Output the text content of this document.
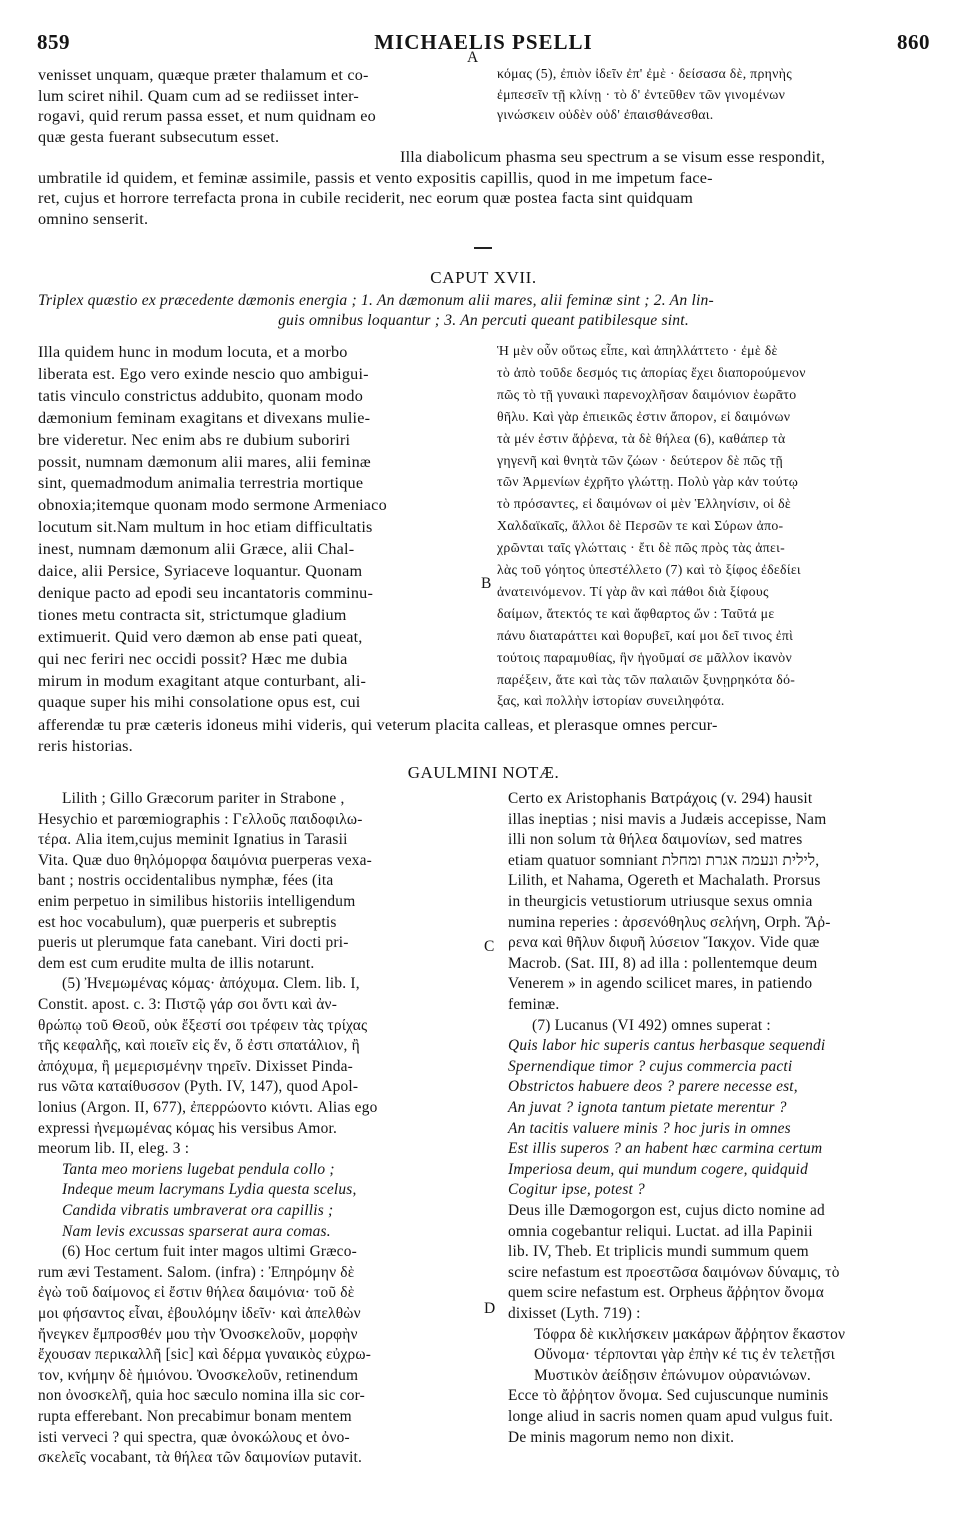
859	MICHAELIS PSELLI	860
A
B
C
D
venisset unquam, quæque præter thalamum et co-
lum sciret nihil. Quam cum ad se rediisset inter-
rogavi, quid rerum passa esset, et num quidnam eo
quæ gesta fuerant subsecutum esset.
κόμας (5), ἐπιὸν ἰδεῖν ἐπ' ἐμὲ · δείσασα δὲ, πρηνὴς
ἐμπεσεῖν τῇ κλίνῃ · τὸ δ' ἐντεῦθεν τῶν γινομένων
γινώσκειν οὐδὲν οὐδ' ἐπαισθάνεσθαι.
Illa diabolicum phasma seu spectrum a se visum esse respondit,
umbratile id quidem, et feminæ assimile, passis et vento expositis capillis, quod in me impetum face-
ret, cujus et horrore terrefacta prona in cubile reciderit, nec eorum quæ postea facta sint quidquam
omnino senserit.
CAPUT XVII.
Triplex quæstio ex præcedente dæmonis energia ; 1. An dæmonum alii mares, alii feminæ sint ; 2. An lin-
guis omnibus loquantur ; 3. An percuti queant patibilesque sint.
Illa quidem hunc in modum locuta, et a morbo
liberata est. Ego vero exinde nescio quo ambigui-
tatis vinculo constrictus addubito, quonam modo
dæmonium feminam exagitans et divexans mulie-
bre videretur. Nec enim abs re dubium suboriri
possit, numnam dæmonum alii mares, alii feminæ
sint, quemadmodum animalia terrestria mortique
obnoxia;itemque quonam modo sermone Armeniaco
locutum sit.Nam multum in hoc etiam difficultatis
inest, numnam dæmonum alii Græce, alii Chal-
daice, alii Persice, Syriaceve loquantur. Quonam
denique pacto ad epodi seu incantatoris comminu-
tiones metu contracta sit, strictumque gladium
extimuerit. Quid vero dæmon ab ense pati queat,
qui nec feriri nec occidi possit? Hæc me dubia
mirum in modum exagitant atque conturbant, ali-
quaque super his mihi consolatione opus est, cui
Ἡ μὲν οὖν οὕτως εἶπε, καὶ ἀπηλλάττετο · ἐμὲ δὲ
τὸ ἀπὸ τοῦδε δεσμός τις ἀπορίας ἔχει διαπορούμενον
πῶς τὸ τῇ γυναικὶ παρενοχλῆσαν δαιμόνιον ἑωρᾶτο
θῆλυ. Καὶ γὰρ ἐπιεικῶς ἐστιν ἄπορον, εἰ δαιμόνων
τὰ μέν ἐστιν ἄῤῥενα, τὰ δὲ θήλεα (6), καθάπερ τὰ
γηγενῆ καὶ θνητὰ τῶν ζώων · δεύτερον δὲ πῶς τῇ
τῶν Ἀρμενίων ἐχρῆτο γλώττῃ. Πολὺ γὰρ κἀν τούτῳ
τὸ πρόσαντες, εἰ δαιμόνων οἱ μὲν Ἑλληνίσιν, οἱ δὲ
Χαλδαϊκαῖς, ἄλλοι δὲ Περσῶν τε καὶ Σύρων ἀπο-
χρῶνται ταῖς γλώτταις · ἔτι δὲ πῶς πρὸς τὰς ἀπει-
λὰς τοῦ γόητος ὑπεστέλλετο (7) καὶ τὸ ξίφος ἐδεδίει
ἀνατεινόμενον. Τί γὰρ ἂν καὶ πάθοι διὰ ξίφους
δαίμων, ἄτεκτός τε καὶ ἄφθαρτος ὤν : Ταῦτά με
πάνυ διαταράττει καὶ θορυβεῖ, καί μοι δεῖ τινος ἐπὶ
τούτοις παραμυθίας, ἣν ἡγοῦμαί σε μᾶλλον ἱκανὸν
παρέξειν, ἅτε καὶ τὰς τῶν παλαιῶν ξυνῃρηκότα δό-
ξας, καὶ πολλὴν ἱστορίαν συνειληφότα.
afferendæ tu præ cæteris idoneus mihi videris, qui veterum placita calleas, et plerasque omnes percur-
reris historias.
GAULMINI NOTÆ.
Lilith ; Gillo Græcorum pariter in Strabone ,
Hesychio et parœmiographis : Γελλοῦς παιδοφιλω-
τέρα. Alia item,cujus meminit Ignatius in Tarasii
Vita. Quæ duo θηλόμορφα δαιμόνια puerperas vexa-
bant ; nostris occidentalibus nymphæ, fées (ita
enim perpetuo in similibus historiis intelligendum
est hoc vocabulum), quæ puerperis et subreptis
pueris ut plerumque fata canebant. Viri docti pri-
dem est cum erudite multa de illis notarunt.
(5) Ἠνεμωμένας κόμας· ἀπόχυμα. Clem. lib. I,
Constit. apost. c. 3: Πιστῷ γάρ σοι ὄντι καὶ ἀν-
θρώπῳ τοῦ Θεοῦ, οὐκ ἔξεστί σοι τρέφειν τὰς τρίχας
τῆς κεφαλῆς, καὶ ποιεῖν εἰς ἕν, ὅ ἐστι σπατάλιον, ἢ
ἀπόχυμα, ἢ μεμερισμένην τηρεῖν. Dixisset Pinda-
rus νῶτα καταίθυσσον (Pyth. IV, 147), quod Apol-
lonius (Argon. II, 677), ἐπερρώοντο κιόντι. Alias ego
expressi ἠνεμωμένας κόμας his versibus Amor.
meorum lib. II, eleg. 3 :
Tanta meo moriens lugebat pendula collo ;
Indeque meum lacrymans Lydia questa scelus,
Candida vibratis umbraverat ora capillis ;
Nam levis excussas sparserat aura comas.
(6) Hoc certum fuit inter magos ultimi Græco-
rum ævi Testament. Salom. (infra) : Ἐπηρόμην δὲ
ἐγὼ τοῦ δαίμονος εἰ ἔστιν θήλεα δαιμόνια· τοῦ δὲ
μοι φήσαντος εἶναι, ἐβουλόμην ἰδεῖν· καὶ ἀπελθὼν
ἤνεγκεν ἔμπροσθέν μου τὴν Ὀνοσκελοῦν, μορφὴν
ἔχουσαν περικαλλῆ [sic] καὶ δέρμα γυναικὸς εὐχρω-
τον, κνήμην δὲ ἡμιόνου. Ὀνοσκελοῦν, retinendum
non ὀνοσκελῆ, quia hoc sæculo nomina illa sic cor-
rupta efferebant. Non precabimur bonam mentem
isti verveci ? qui spectra, quæ ὀνοκώλους et ὀνο-
σκελεῖς vocabant, τὰ θήλεα τῶν δαιμονίων putavit.
Certo ex Aristophanis Βατράχοις (v. 294) hausit
illas ineptias ; nisi mavis a Judæis accepisse, Nam
illi non solum τὰ θήλεα δαιμονίων, sed matres
etiam quatuor somniant לילית ונעמה אגרת ומחלת,
Lilith, et Nahama, Ogereth et Machalath. Prorsus
in theurgicis vetustiorum utriusque sexus omnia
numina reperies : ἀρσενόθηλυς σελήνη, Orph. Ἄῤ-
ρενα καὶ θῆλυν διφυῆ λύσειον Ἴακχον. Vide quæ
Macrob. (Sat. III, 8) ad illa : pollentemque deum
Venerem » in agendo scilicet mares, in patiendo
feminæ.
(7) Lucanus (VI 492) omnes superat :
Quis labor hic superis cantus herbasque sequendi
Spernendique timor ? cujus commercia pacti
Obstrictos habuere deos ? parere necesse est,
An juvat ? ignota tantum pietate merentur ?
An tacitis valuere minis ? hoc juris in omnes
Est illis superos ? an habent hæc carmina certum
Imperiosa deum, qui mundum cogere, quidquid
Cogitur ipse, potest ?
Deus ille Dæmogorgon est, cujus dicto nomine ad
omnia cogebantur reliqui. Luctat. ad illa Papinii
lib. IV, Theb. Et triplicis mundi summum quem
scire nefastum est προεστῶσα δαιμόνων δύναμις, τὸ
quem scire nefastum est. Orpheus ἄῤῥητον ὄνομα
dixisset (Lyth. 719) :
Τόφρα δὲ κικλήσκειν μακάρων ἄῤῥητον ἕκαστον
Οὔνομα· τέρπονται γὰρ ἐπὴν κέ τις ἐν τελετῇσι
Μυστικὸν ἀείδῃσιν ἐπώνυμον οὐρανιώνων.
Ecce τὸ ἄῤῥητον ὄνομα. Sed cujuscunque numinis
longe aliud in sacris nomen quam apud vulgus fuit.
De minis magorum nemo non dixit.
